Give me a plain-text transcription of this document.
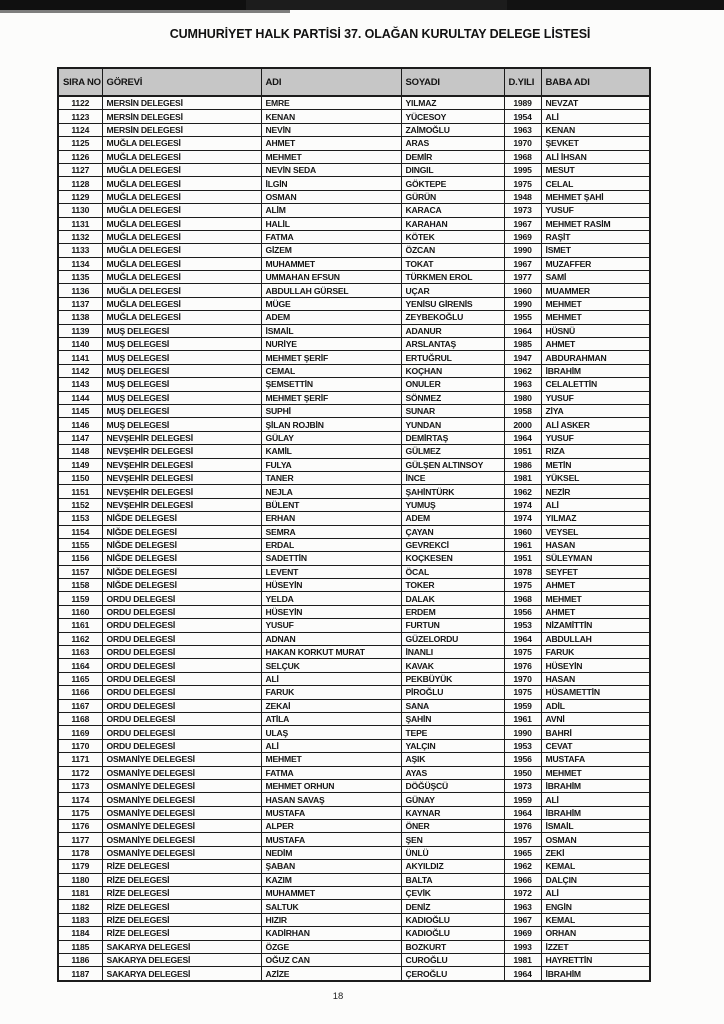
CUMHURİYET HALK PARTİSİ 37. OLAĞAN KURULTAY DELEGE LİSTESİ
SIRA NO	GÖREVİ	ADI	SOYADI	D.YILI	BABA ADI
1122	MERSİN DELEGESİ	EMRE	YILMAZ	1989	NEVZAT
1123	MERSİN DELEGESİ	KENAN	YÜCESOY	1954	ALİ
1124	MERSİN DELEGESİ	NEVİN	ZAİMOĞLU	1963	KENAN
1125	MUĞLA DELEGESİ	AHMET	ARAS	1970	ŞEVKET
1126	MUĞLA DELEGESİ	MEHMET	DEMİR	1968	ALİ İHSAN
1127	MUĞLA DELEGESİ	NEVİN SEDA	DINGIL	1995	MESUT
1128	MUĞLA DELEGESİ	İLGİN	GÖKTEPE	1975	CELAL
1129	MUĞLA DELEGESİ	OSMAN	GÜRÜN	1948	MEHMET ŞAHİ
1130	MUĞLA DELEGESİ	ALİM	KARACA	1973	YUSUF
1131	MUĞLA DELEGESİ	HALİL	KARAHAN	1967	MEHMET RASİM
1132	MUĞLA DELEGESİ	FATMA	KÖTEK	1969	RAŞİT
1133	MUĞLA DELEGESİ	GİZEM	ÖZCAN	1990	İSMET
1134	MUĞLA DELEGESİ	MUHAMMET	TOKAT	1967	MUZAFFER
1135	MUĞLA DELEGESİ	UMMAHAN EFSUN	TÜRKMEN EROL	1977	SAMİ
1136	MUĞLA DELEGESİ	ABDULLAH GÜRSEL	UÇAR	1960	MUAMMER
1137	MUĞLA DELEGESİ	MÜGE	YENİSU GİRENİS	1990	MEHMET
1138	MUĞLA DELEGESİ	ADEM	ZEYBEKOĞLU	1955	MEHMET
1139	MUŞ DELEGESİ	İSMAİL	ADANUR	1964	HÜSNÜ
1140	MUŞ DELEGESİ	NURİYE	ARSLANTAŞ	1985	AHMET
1141	MUŞ DELEGESİ	MEHMET ŞERİF	ERTUĞRUL	1947	ABDURAHMAN
1142	MUŞ DELEGESİ	CEMAL	KOÇHAN	1962	İBRAHİM
1143	MUŞ DELEGESİ	ŞEMSETTİN	ONULER	1963	CELALETTİN
1144	MUŞ DELEGESİ	MEHMET ŞERİF	SÖNMEZ	1980	YUSUF
1145	MUŞ DELEGESİ	SUPHİ	SUNAR	1958	ZİYA
1146	MUŞ DELEGESİ	ŞİLAN ROJBİN	YUNDAN	2000	ALİ ASKER
1147	NEVŞEHİR DELEGESİ	GÜLAY	DEMİRTAŞ	1964	YUSUF
1148	NEVŞEHİR DELEGESİ	KAMİL	GÜLMEZ	1951	RIZA
1149	NEVŞEHİR DELEGESİ	FULYA	GÜLŞEN ALTINSOY	1986	METİN
1150	NEVŞEHİR DELEGESİ	TANER	İNCE	1981	YÜKSEL
1151	NEVŞEHİR DELEGESİ	NEJLA	ŞAHİNTÜRK	1962	NEZİR
1152	NEVŞEHİR DELEGESİ	BÜLENT	YUMUŞ	1974	ALİ
1153	NİĞDE DELEGESİ	ERHAN	ADEM	1974	YILMAZ
1154	NİĞDE DELEGESİ	SEMRA	ÇAYAN	1960	VEYSEL
1155	NİĞDE DELEGESİ	ERDAL	GEVREKCİ	1961	HASAN
1156	NİĞDE DELEGESİ	SADETTİN	KOÇKESEN	1951	SÜLEYMAN
1157	NİĞDE DELEGESİ	LEVENT	ÖCAL	1978	SEYFET
1158	NİĞDE DELEGESİ	HÜSEYİN	TOKER	1975	AHMET
1159	ORDU DELEGESİ	YELDA	DALAK	1968	MEHMET
1160	ORDU DELEGESİ	HÜSEYİN	ERDEM	1956	AHMET
1161	ORDU DELEGESİ	YUSUF	FURTUN	1953	NİZAMİTTİN
1162	ORDU DELEGESİ	ADNAN	GÜZELORDU	1964	ABDULLAH
1163	ORDU DELEGESİ	HAKAN KORKUT MURAT	İNANLI	1975	FARUK
1164	ORDU DELEGESİ	SELÇUK	KAVAK	1976	HÜSEYİN
1165	ORDU DELEGESİ	ALİ	PEKBÜYÜK	1970	HASAN
1166	ORDU DELEGESİ	FARUK	PİROĞLU	1975	HÜSAMETTİN
1167	ORDU DELEGESİ	ZEKAİ	SANA	1959	ADİL
1168	ORDU DELEGESİ	ATİLA	ŞAHİN	1961	AVNİ
1169	ORDU DELEGESİ	ULAŞ	TEPE	1990	BAHRİ
1170	ORDU DELEGESİ	ALİ	YALÇIN	1953	CEVAT
1171	OSMANİYE DELEGESİ	MEHMET	AŞIK	1956	MUSTAFA
1172	OSMANİYE DELEGESİ	FATMA	AYAS	1950	MEHMET
1173	OSMANİYE DELEGESİ	MEHMET ORHUN	DÖĞÜŞCÜ	1973	İBRAHİM
1174	OSMANİYE DELEGESİ	HASAN SAVAŞ	GÜNAY	1959	ALİ
1175	OSMANİYE DELEGESİ	MUSTAFA	KAYNAR	1964	İBRAHİM
1176	OSMANİYE DELEGESİ	ALPER	ÖNER	1976	İSMAİL
1177	OSMANİYE DELEGESİ	MUSTAFA	ŞEN	1957	OSMAN
1178	OSMANİYE DELEGESİ	NEDİM	ÜNLÜ	1965	ZEKİ
1179	RİZE DELEGESİ	ŞABAN	AKYILDIZ	1962	KEMAL
1180	RİZE DELEGESİ	KAZIM	BALTA	1966	DALÇIN
1181	RİZE DELEGESİ	MUHAMMET	ÇEVİK	1972	ALİ
1182	RİZE DELEGESİ	SALTUK	DENİZ	1963	ENGİN
1183	RİZE DELEGESİ	HIZIR	KADIOĞLU	1967	KEMAL
1184	RİZE DELEGESİ	KADİRHAN	KADIOĞLU	1969	ORHAN
1185	SAKARYA DELEGESİ	ÖZGE	BOZKURT	1993	İZZET
1186	SAKARYA DELEGESİ	OĞUZ CAN	CUROĞLU	1981	HAYRETTİN
1187	SAKARYA DELEGESİ	AZİZE	ÇEROĞLU	1964	İBRAHİM
18
